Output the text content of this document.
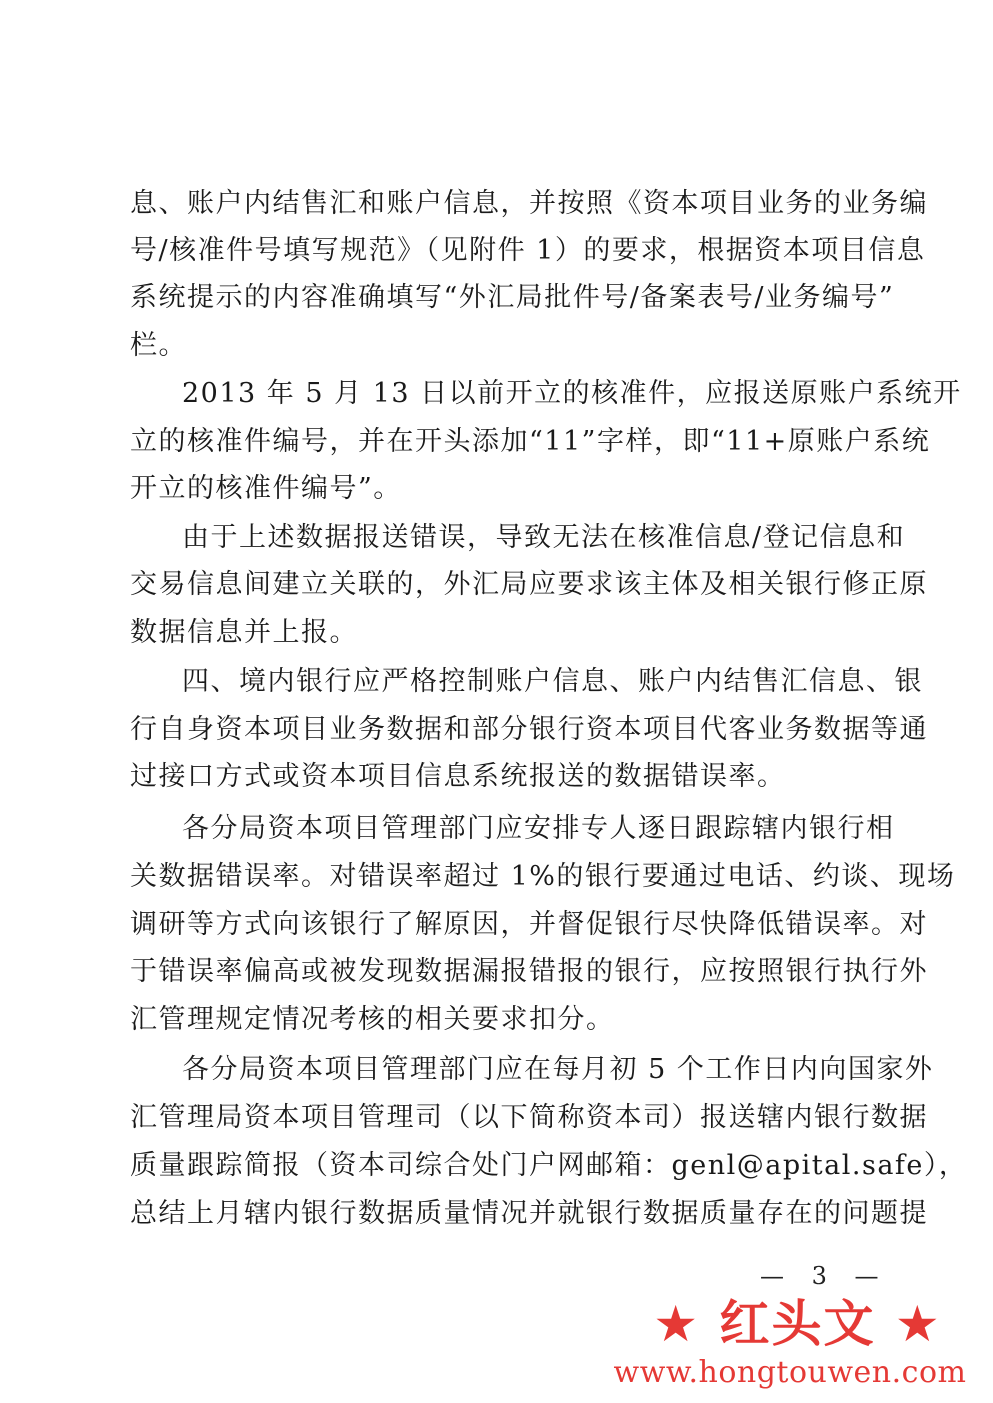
息、账户内结售汇和账户信息，并按照《资本项目业务的业务编
号/核准件号填写规范》（见附件 1）的要求，根据资本项目信息
系统提示的内容准确填写“外汇局批件号/备案表号/业务编号”
栏。
2013 年 5 月 13 日以前开立的核准件，应报送原账户系统开
立的核准件编号，并在开头添加“11”字样，即“11+原账户系统
开立的核准件编号”。
由于上述数据报送错误，导致无法在核准信息/登记信息和
交易信息间建立关联的，外汇局应要求该主体及相关银行修正原
数据信息并上报。
四、境内银行应严格控制账户信息、账户内结售汇信息、银
行自身资本项目业务数据和部分银行资本项目代客业务数据等通
过接口方式或资本项目信息系统报送的数据错误率。
各分局资本项目管理部门应安排专人逐日跟踪辖内银行相
关数据错误率。对错误率超过 1%的银行要通过电话、约谈、现场
调研等方式向该银行了解原因，并督促银行尽快降低错误率。对
于错误率偏高或被发现数据漏报错报的银行，应按照银行执行外
汇管理规定情况考核的相关要求扣分。
各分局资本项目管理部门应在每月初 5 个工作日内向国家外
汇管理局资本项目管理司（以下简称资本司）报送辖内银行数据
质量跟踪简报（资本司综合处门户网邮箱：genl@apital.safe），
总结上月辖内银行数据质量情况并就银行数据质量存在的问题提
— 3 —
★ 红头文 ★
www.hongtouwen.com
